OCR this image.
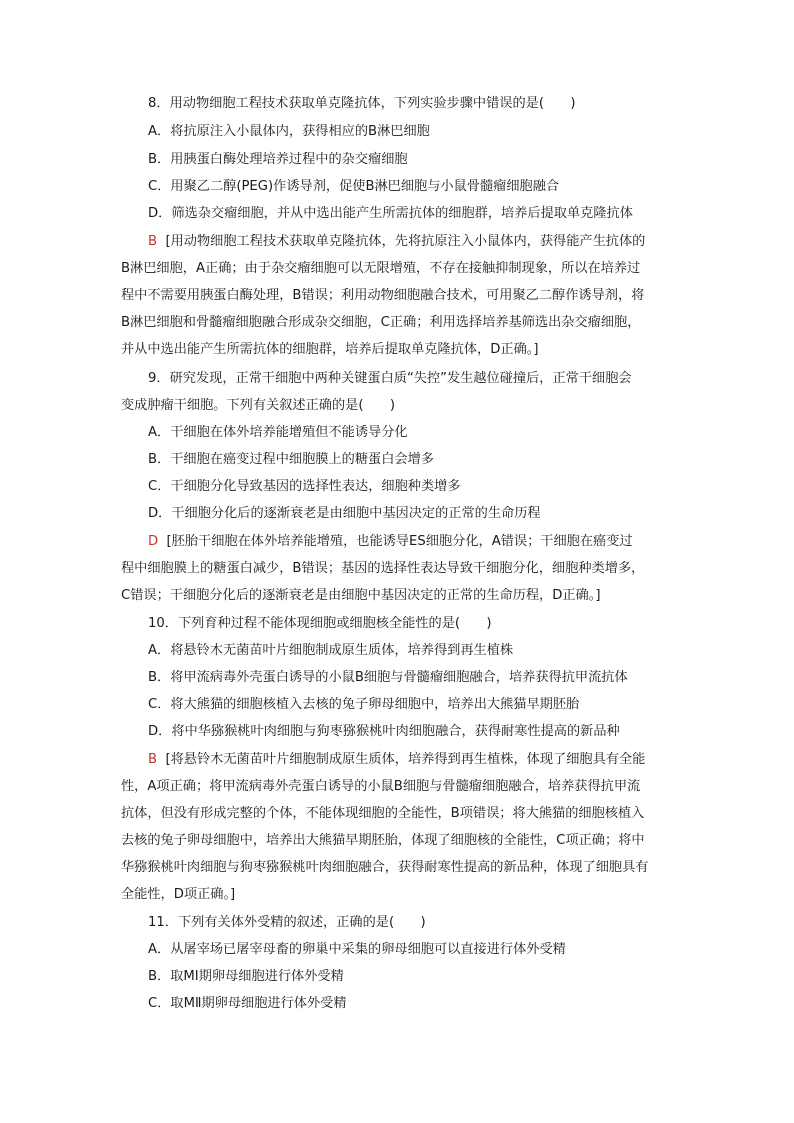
8．用动物细胞工程技术获取单克隆抗体，下列实验步骤中错误的是(　　)

A．将抗原注入小鼠体内，获得相应的B淋巴细胞

B．用胰蛋白酶处理培养过程中的杂交瘤细胞

C．用聚乙二醇(PEG)作诱导剂，促使B淋巴细胞与小鼠骨髓瘤细胞融合

D．筛选杂交瘤细胞，并从中选出能产生所需抗体的细胞群，培养后提取单克隆抗体

B  [用动物细胞工程技术获取单克隆抗体，先将抗原注入小鼠体内，获得能产生抗体的

B淋巴细胞，A正确；由于杂交瘤细胞可以无限增殖，不存在接触抑制现象，所以在培养过

程中不需要用胰蛋白酶处理，B错误；利用动物细胞融合技术，可用聚乙二醇作诱导剂，将

B淋巴细胞和骨髓瘤细胞融合形成杂交细胞，C正确；利用选择培养基筛选出杂交瘤细胞，

并从中选出能产生所需抗体的细胞群，培养后提取单克隆抗体，D正确。]

9．研究发现，正常干细胞中两种关键蛋白质“失控”发生越位碰撞后，正常干细胞会

变成肿瘤干细胞。下列有关叙述正确的是(　　)

A．干细胞在体外培养能增殖但不能诱导分化

B．干细胞在癌变过程中细胞膜上的糖蛋白会增多

C．干细胞分化导致基因的选择性表达，细胞种类增多

D．干细胞分化后的逐渐衰老是由细胞中基因决定的正常的生命历程

D  [胚胎干细胞在体外培养能增殖，也能诱导ES细胞分化，A错误；干细胞在癌变过

程中细胞膜上的糖蛋白减少，B错误；基因的选择性表达导致干细胞分化，细胞种类增多，

C错误；干细胞分化后的逐渐衰老是由细胞中基因决定的正常的生命历程，D正确。]

10．下列育种过程不能体现细胞或细胞核全能性的是(　　)

A．将悬铃木无菌苗叶片细胞制成原生质体，培养得到再生植株

B．将甲流病毒外壳蛋白诱导的小鼠B细胞与骨髓瘤细胞融合，培养获得抗甲流抗体

C．将大熊猫的细胞核植入去核的兔子卵母细胞中，培养出大熊猫早期胚胎

D．将中华猕猴桃叶肉细胞与狗枣猕猴桃叶肉细胞融合，获得耐寒性提高的新品种

B  [将悬铃木无菌苗叶片细胞制成原生质体，培养得到再生植株，体现了细胞具有全能

性，A项正确；将甲流病毒外壳蛋白诱导的小鼠B细胞与骨髓瘤细胞融合，培养获得抗甲流

抗体，但没有形成完整的个体，不能体现细胞的全能性，B项错误；将大熊猫的细胞核植入

去核的兔子卵母细胞中，培养出大熊猫早期胚胎，体现了细胞核的全能性，C项正确；将中

华猕猴桃叶肉细胞与狗枣猕猴桃叶肉细胞融合，获得耐寒性提高的新品种，体现了细胞具有

全能性，D项正确。]

11．下列有关体外受精的叙述，正确的是(　　)

A．从屠宰场已屠宰母畜的卵巢中采集的卵母细胞可以直接进行体外受精

B．取MⅠ期卵母细胞进行体外受精

C．取MⅡ期卵母细胞进行体外受精
